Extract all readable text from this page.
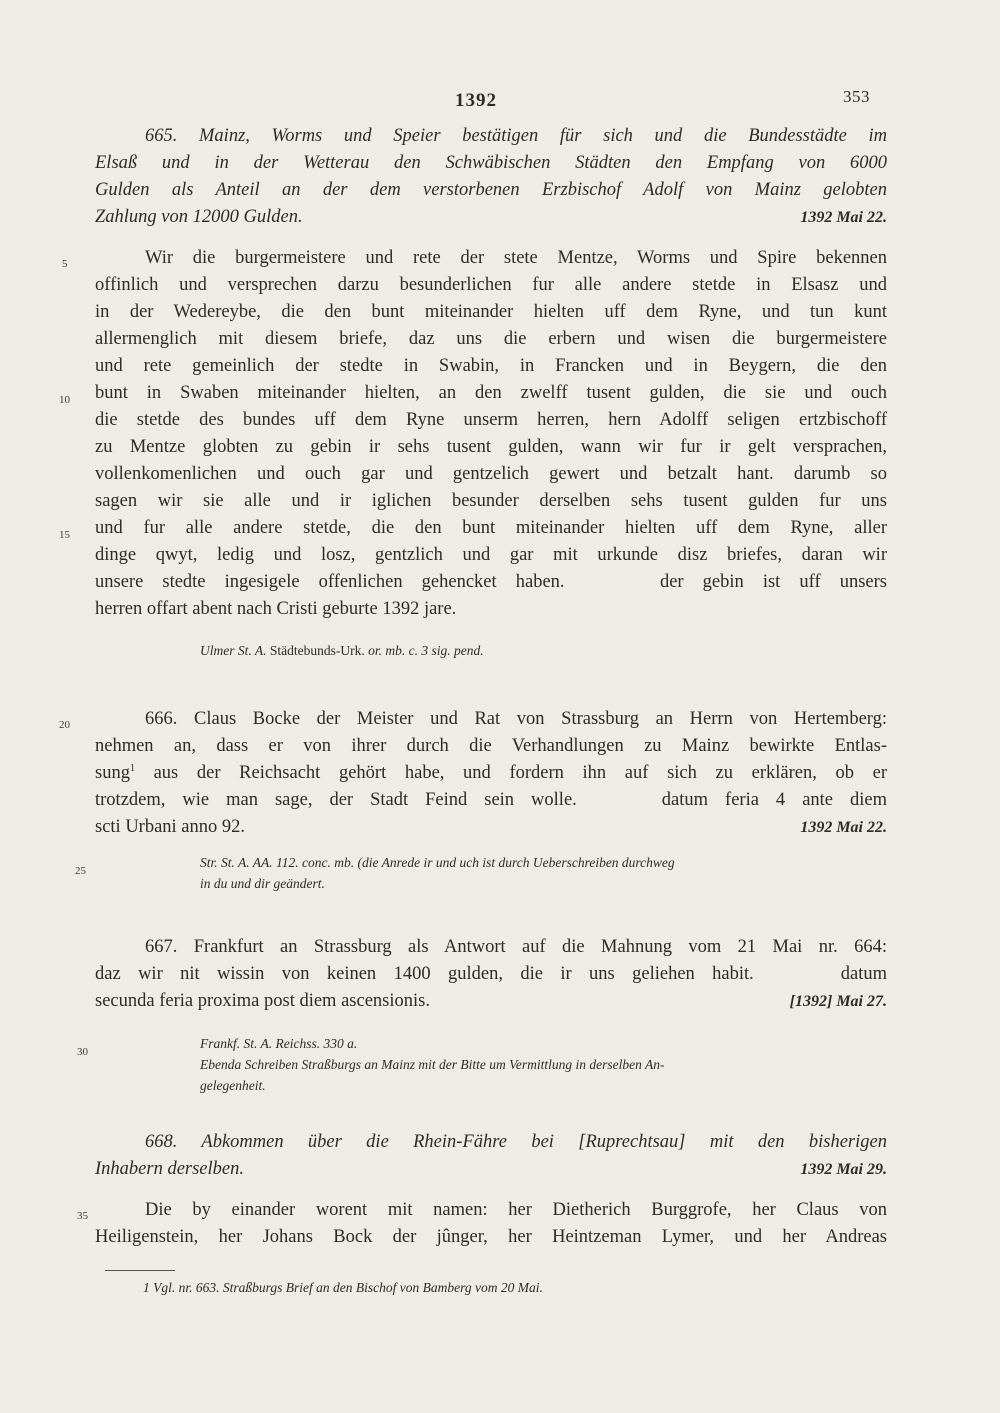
1392	353
5
10
15
20
25
30
35
665. Mainz, Worms und Speier bestätigen für sich und die Bundesstädte im
Elsaß und in der Wetterau den Schwäbischen Städten den Empfang von 6000
Gulden als Anteil an der dem verstorbenen Erzbischof Adolf von Mainz gelobten
Zahlung von 12000 Gulden.	1392 Mai 22.
Wir die burgermeistere und rete der stete Mentze, Worms und Spire bekennen
offinlich und versprechen darzu besunderlichen fur alle andere stetde in Elsasz und
in der Wedereybe, die den bunt miteinander hielten uff dem Ryne, und tun kunt
allermenglich mit diesem briefe, daz uns die erbern und wisen die burgermeistere
und rete gemeinlich der stedte in Swabin, in Francken und in Beygern, die den
bunt in Swaben miteinander hielten, an den zwelff tusent gulden, die sie und ouch
die stetde des bundes uff dem Ryne unserm herren, hern Adolff seligen ertzbischoff
zu Mentze globten zu gebin ir sehs tusent gulden, wann wir fur ir gelt versprachen,
vollenkomenlichen und ouch gar und gentzelich gewert und betzalt hant. darumb so
sagen wir sie alle und ir iglichen besunder derselben sehs tusent gulden fur uns
und fur alle andere stetde, die den bunt miteinander hielten uff dem Ryne, aller
dinge qwyt, ledig und losz, gentzlich und gar mit urkunde disz briefes, daran wir
unsere stedte ingesigele offenlichen gehencket haben.     der gebin ist uff unsers
herren offart abent nach Cristi geburte 1392 jare.
Ulmer St. A. Städtebunds-Urk. or. mb. c. 3 sig. pend.
666. Claus Bocke der Meister und Rat von Strassburg an Herrn von Hertemberg:
nehmen an, dass er von ihrer durch die Verhandlungen zu Mainz bewirkte Entlas-
sung$^1$ aus der Reichsacht gehört habe, und fordern ihn auf sich zu erklären, ob er
trotzdem, wie man sage, der Stadt Feind sein wolle.     datum feria 4 ante diem
scti Urbani anno 92.	1392 Mai 22.
Str. St. A. AA. 112. conc. mb. (die Anrede ir und uch ist durch Ueberschreiben durchweg
in du und dir geändert.
667. Frankfurt an Strassburg als Antwort auf die Mahnung vom 21 Mai nr. 664:
daz wir nit wissin von keinen 1400 gulden, die ir uns geliehen habit.     datum
secunda feria proxima post diem ascensionis.	[1392] Mai 27.
Frankf. St. A. Reichss. 330 a.
Ebenda Schreiben Straßburgs an Mainz mit der Bitte um Vermittlung in derselben An-
gelegenheit.
668. Abkommen über die Rhein-Fähre bei [Ruprechtsau] mit den bisherigen
Inhabern derselben.	1392 Mai 29.
Die by einander worent mit namen: her Dietherich Burggrofe, her Claus von
Heiligenstein, her Johans Bock der jûnger, her Heintzeman Lymer, und her Andreas
1 Vgl. nr. 663. Straßburgs Brief an den Bischof von Bamberg vom 20 Mai.
